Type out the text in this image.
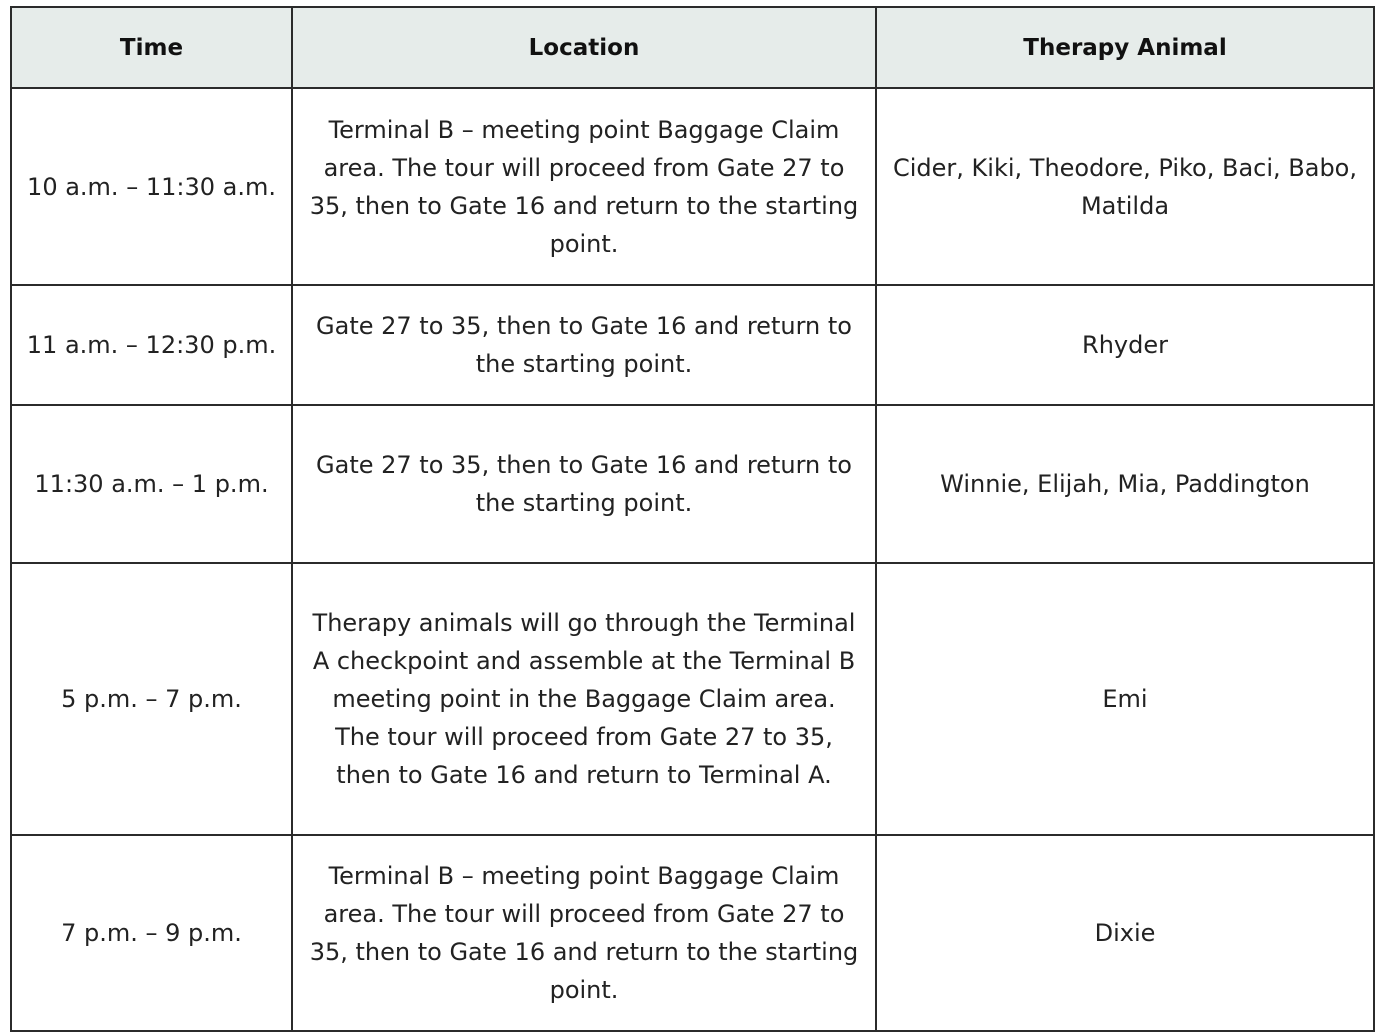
Time	Location	Therapy Animal
10 a.m. – 11:30 a.m.	Terminal B – meeting point Baggage Claim area. The tour will proceed from Gate 27 to 35, then to Gate 16 and return to the starting point.	Cider, Kiki, Theodore, Piko, Baci, Babo, Matilda
11 a.m. – 12:30 p.m.	Gate 27 to 35, then to Gate 16 and return to the starting point.	Rhyder
11:30 a.m. – 1 p.m.	Gate 27 to 35, then to Gate 16 and return to the starting point.	Winnie, Elijah, Mia, Paddington
5 p.m. – 7 p.m.	Therapy animals will go through the Terminal A checkpoint and assemble at the Terminal B meeting point in the Baggage Claim area. The tour will proceed from Gate 27 to 35, then to Gate 16 and return to Terminal A.	Emi
7 p.m. – 9 p.m.	Terminal B – meeting point Baggage Claim area. The tour will proceed from Gate 27 to 35, then to Gate 16 and return to the starting point.	Dixie
